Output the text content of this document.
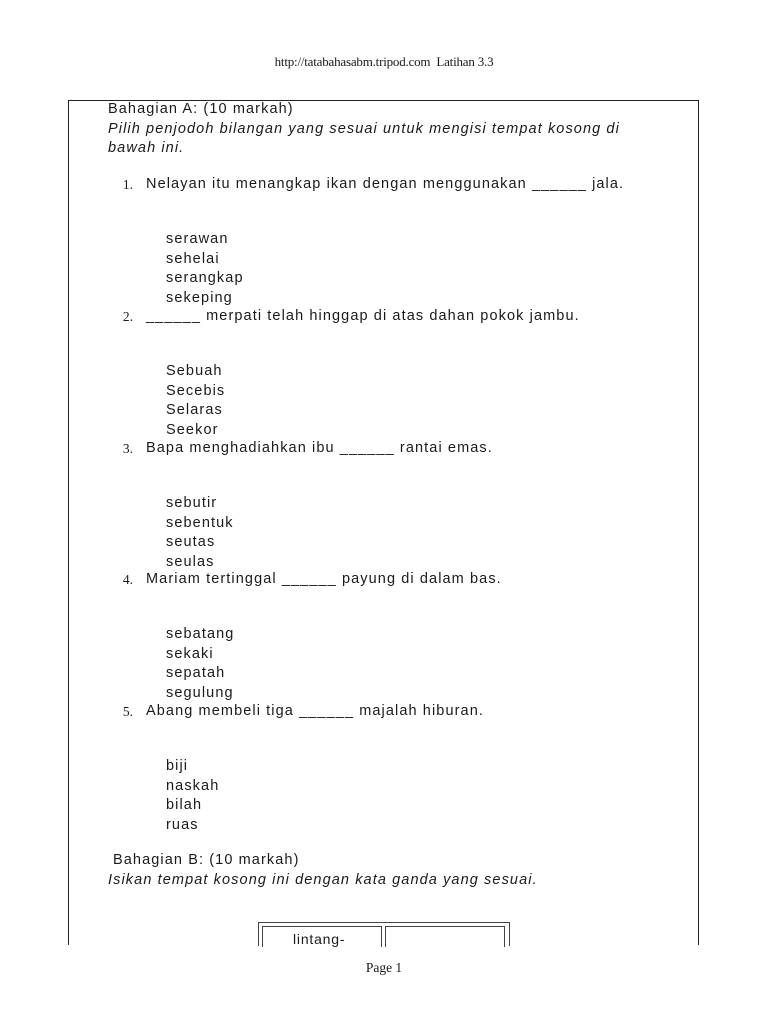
http://tatabahasabm.tripod.com Latihan 3.3
Bahagian A: (10 markah)
Pilih penjodoh bilangan yang sesuai untuk mengisi tempat kosong di
bawah ini.
1. Nelayan itu menangkap ikan dengan menggunakan ______ jala.
serawan
sehelai
serangkap
sekeping
2. ______ merpati telah hinggap di atas dahan pokok jambu.
Sebuah
Secebis
Selaras
Seekor
3. Bapa menghadiahkan ibu ______ rantai emas.
sebutir
sebentuk
seutas
seulas
4. Mariam tertinggal ______ payung di dalam bas.
sebatang
sekaki
sepatah
segulung
5. Abang membeli tiga ______ majalah hiburan.
biji
naskah
bilah
ruas
Bahagian B: (10 markah)
Isikan tempat kosong ini dengan kata ganda yang sesuai.
lintang-
Page 1
